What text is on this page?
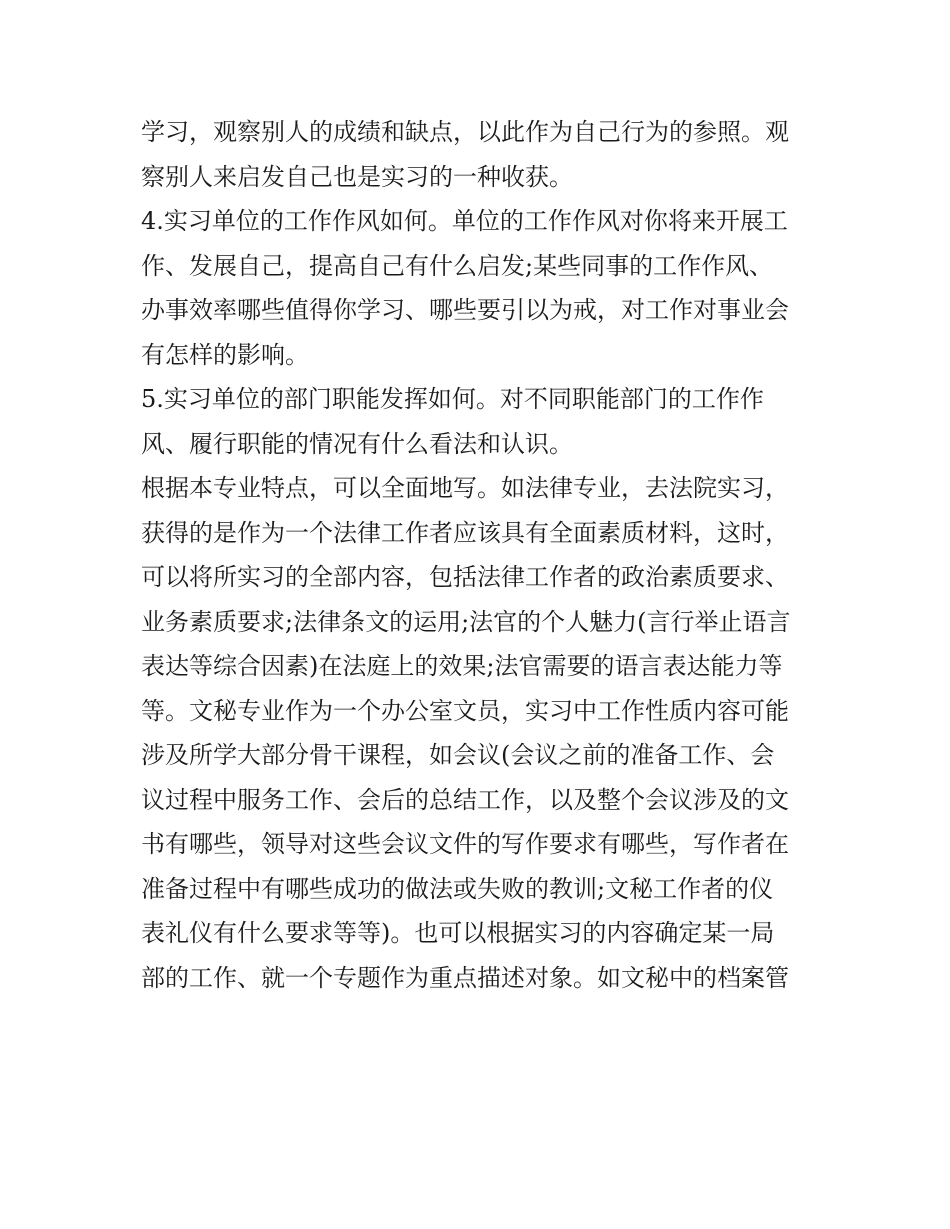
学习，观察别人的成绩和缺点，以此作为自己行为的参照。观
察别人来启发自己也是实习的一种收获。
4.实习单位的工作作风如何。单位的工作作风对你将来开展工
作、发展自己，提高自己有什么启发;某些同事的工作作风、
办事效率哪些值得你学习、哪些要引以为戒，对工作对事业会
有怎样的影响。
5.实习单位的部门职能发挥如何。对不同职能部门的工作作
风、履行职能的情况有什么看法和认识。
根据本专业特点，可以全面地写。如法律专业，去法院实习，
获得的是作为一个法律工作者应该具有全面素质材料，这时，
可以将所实习的全部内容，包括法律工作者的政治素质要求、
业务素质要求;法律条文的运用;法官的个人魅力(言行举止语言
表达等综合因素)在法庭上的效果;法官需要的语言表达能力等
等。文秘专业作为一个办公室文员，实习中工作性质内容可能
涉及所学大部分骨干课程，如会议(会议之前的准备工作、会
议过程中服务工作、会后的总结工作，以及整个会议涉及的文
书有哪些，领导对这些会议文件的写作要求有哪些，写作者在
准备过程中有哪些成功的做法或失败的教训;文秘工作者的仪
表礼仪有什么要求等等)。也可以根据实习的内容确定某一局
部的工作、就一个专题作为重点描述对象。如文秘中的档案管
